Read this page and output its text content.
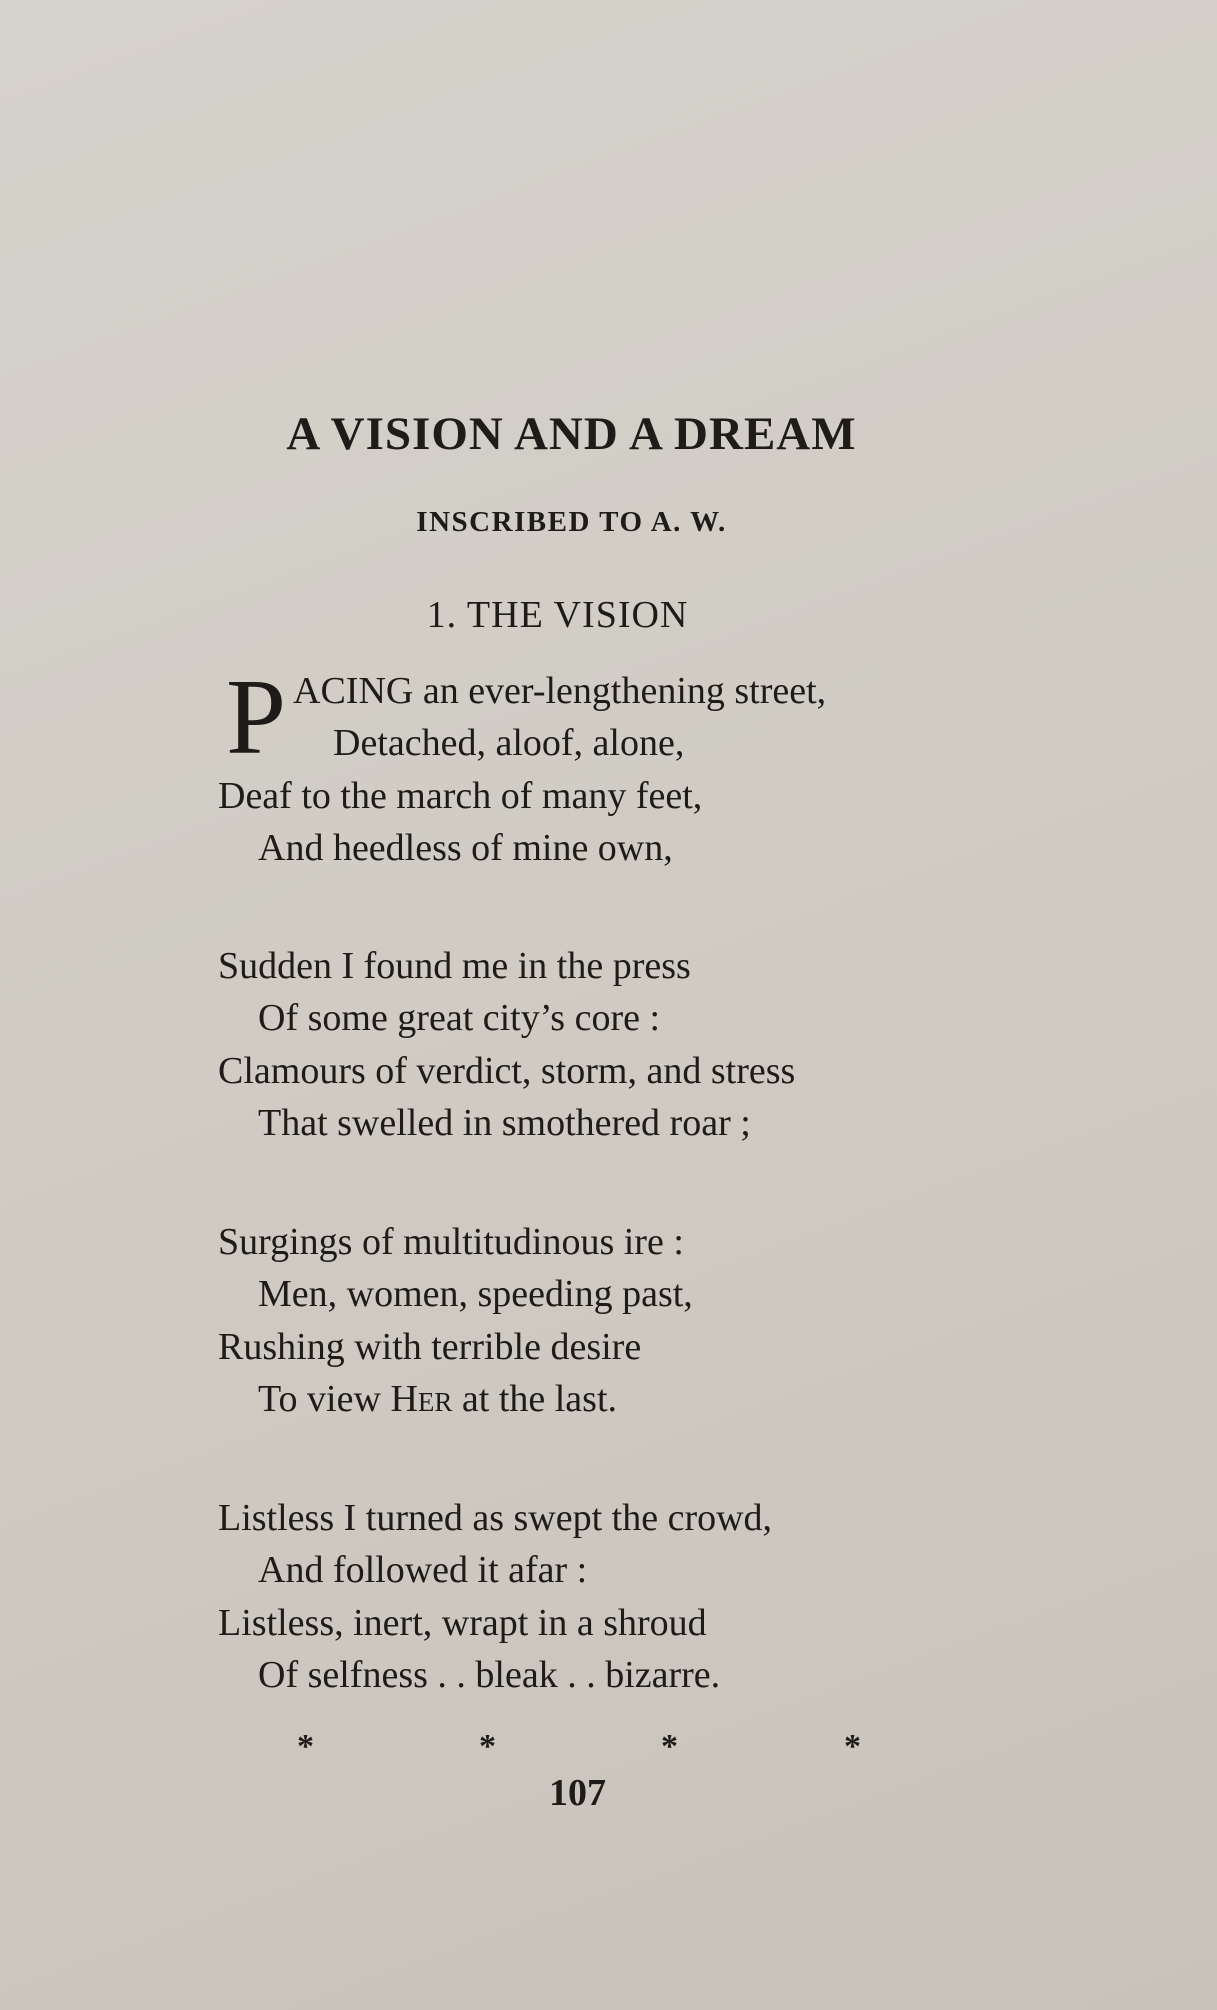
A VISION AND A DREAM
INSCRIBED TO A. W.
1. THE VISION
P ACING an ever-lengthening street,
Detached, aloof, alone,
Deaf to the march of many feet,
And heedless of mine own,
Sudden I found me in the press
Of some great city’s core :
Clamours of verdict, storm, and stress
That swelled in smothered roar ;
Surgings of multitudinous ire :
Men, women, speeding past,
Rushing with terrible desire
To view Her at the last.
Listless I turned as swept the crowd,
And followed it afar :
Listless, inert, wrapt in a shroud
Of selfness . . bleak . . bizarre.
*	*	*	*
107
